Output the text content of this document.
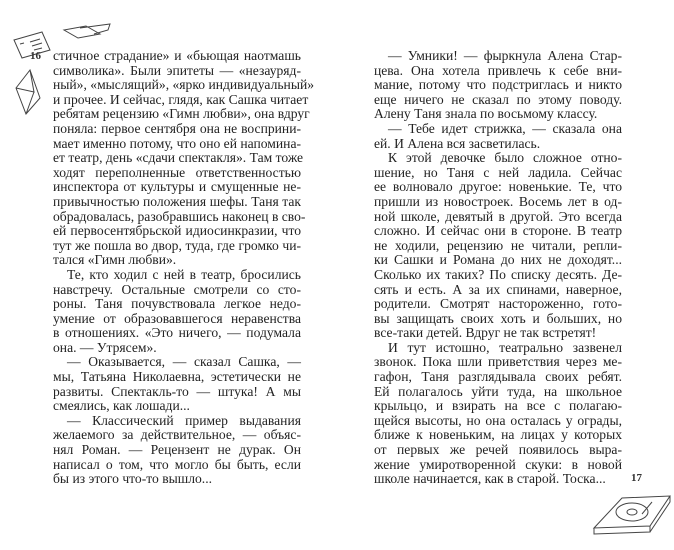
16
17
стичное страдание» и «бьющая наотмашь
символика». Были эпитеты — «незауряд-
ный», «мыслящий», «ярко индивидуальный»
и прочее. И сейчас, глядя, как Сашка читает
ребятам рецензию «Гимн любви», она вдруг
поняла: первое сентября она не восприни-
мает именно потому, что оно ей напомина-
ет театр, день «сдачи спектакля». Там тоже
ходят переполненные ответственностью
инспектора от культуры и смущенные не-
привычностью положения шефы. Таня так
обрадовалась, разобравшись наконец в сво-
ей первосентябрьской идиосинкразии, что
тут же пошла во двор, туда, где громко чи-
тался «Гимн любви».
Те, кто ходил с ней в театр, бросились
навстречу. Остальные смотрели со сто-
роны. Таня почувствовала легкое недо-
умение от образовавшегося неравенства
в отношениях. «Это ничего, — подумала
она. — Утрясем».
— Оказывается, — сказал Сашка, —
мы, Татьяна Николаевна, эстетически не
развиты. Спектакль-то — штука! А мы
смеялись, как лошади...
— Классический пример выдавания
желаемого за действительное, — объяс-
нял Роман. — Рецензент не дурак. Он
написал о том, что могло бы быть, если
бы из этого что-то вышло...
— Умники! — фыркнула Алена Стар-
цева. Она хотела привлечь к себе вни-
мание, потому что подстриглась и никто
еще ничего не сказал по этому поводу.
Алену Таня знала по восьмому классу.
— Тебе идет стрижка, — сказала она
ей. И Алена вся засветилась.
К этой девочке было сложное отно-
шение, но Таня с ней ладила. Сейчас
ее волновало другое: новенькие. Те, что
пришли из новостроек. Восемь лет в од-
ной школе, девятый в другой. Это всегда
сложно. И сейчас они в стороне. В театр
не ходили, рецензию не читали, репли-
ки Сашки и Романа до них не доходят...
Сколько их таких? По списку десять. Де-
сять и есть. А за их спинами, наверное,
родители. Смотрят настороженно, гото-
вы защищать своих хоть и больших, но
все-таки детей. Вдруг не так встретят!
И тут истошно, театрально зазвенел
звонок. Пока шли приветствия через ме-
гафон, Таня разглядывала своих ребят.
Ей полагалось уйти туда, на школьное
крыльцо, и взирать на все с полагаю-
щейся высоты, но она осталась у ограды,
ближе к новеньким, на лицах у которых
от первых же речей появилось выра-
жение умиротворенной скуки: в новой
школе начинается, как в старой. Тоска...
